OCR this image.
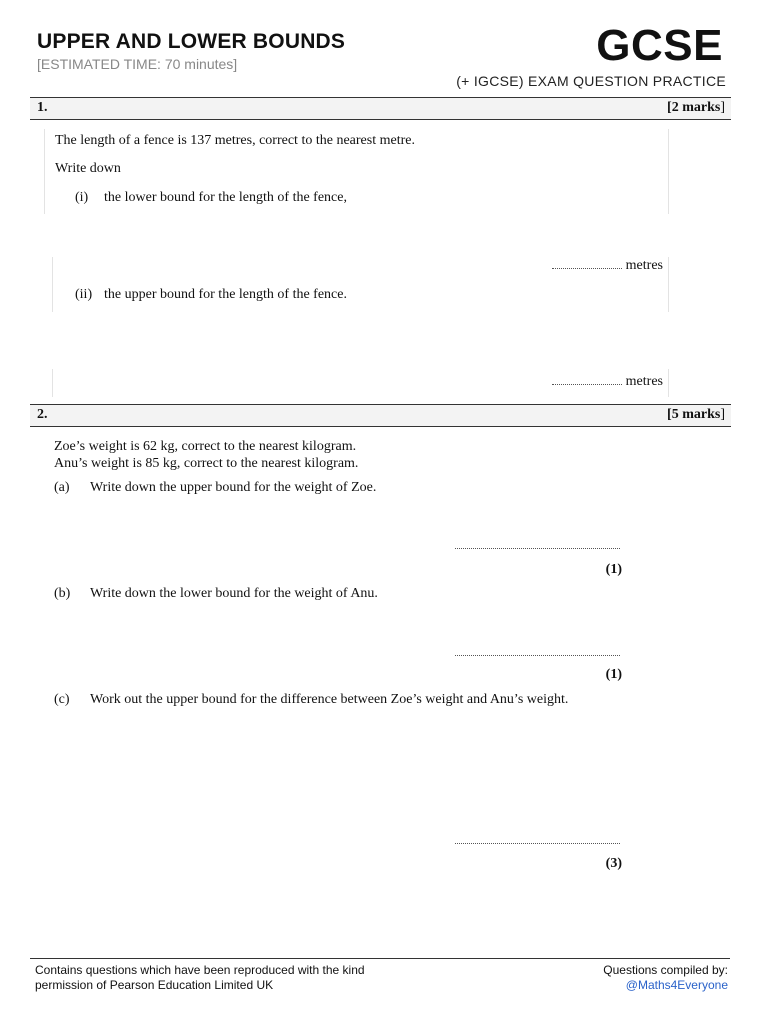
UPPER AND LOWER BOUNDS
[ESTIMATED TIME: 70 minutes]	GCSE
(+ IGCSE) EXAM QUESTION PRACTICE
1.	[2 marks]
The length of a fence is 137 metres, correct to the nearest metre.
Write down
(i) the lower bound for the length of the fence,
metres
(ii) the upper bound for the length of the fence.
metres
2.	[5 marks]
Zoe’s weight is 62 kg, correct to the nearest kilogram.
Anu’s weight is 85 kg, correct to the nearest kilogram.
(a) Write down the upper bound for the weight of Zoe.
(1)
(b) Write down the lower bound for the weight of Anu.
(1)
(c) Work out the upper bound for the difference between Zoe’s weight and Anu’s weight.
(3)
Contains questions which have been reproduced with the kind
permission of Pearson Education Limited UK
Questions compiled by:
@Maths4Everyone
